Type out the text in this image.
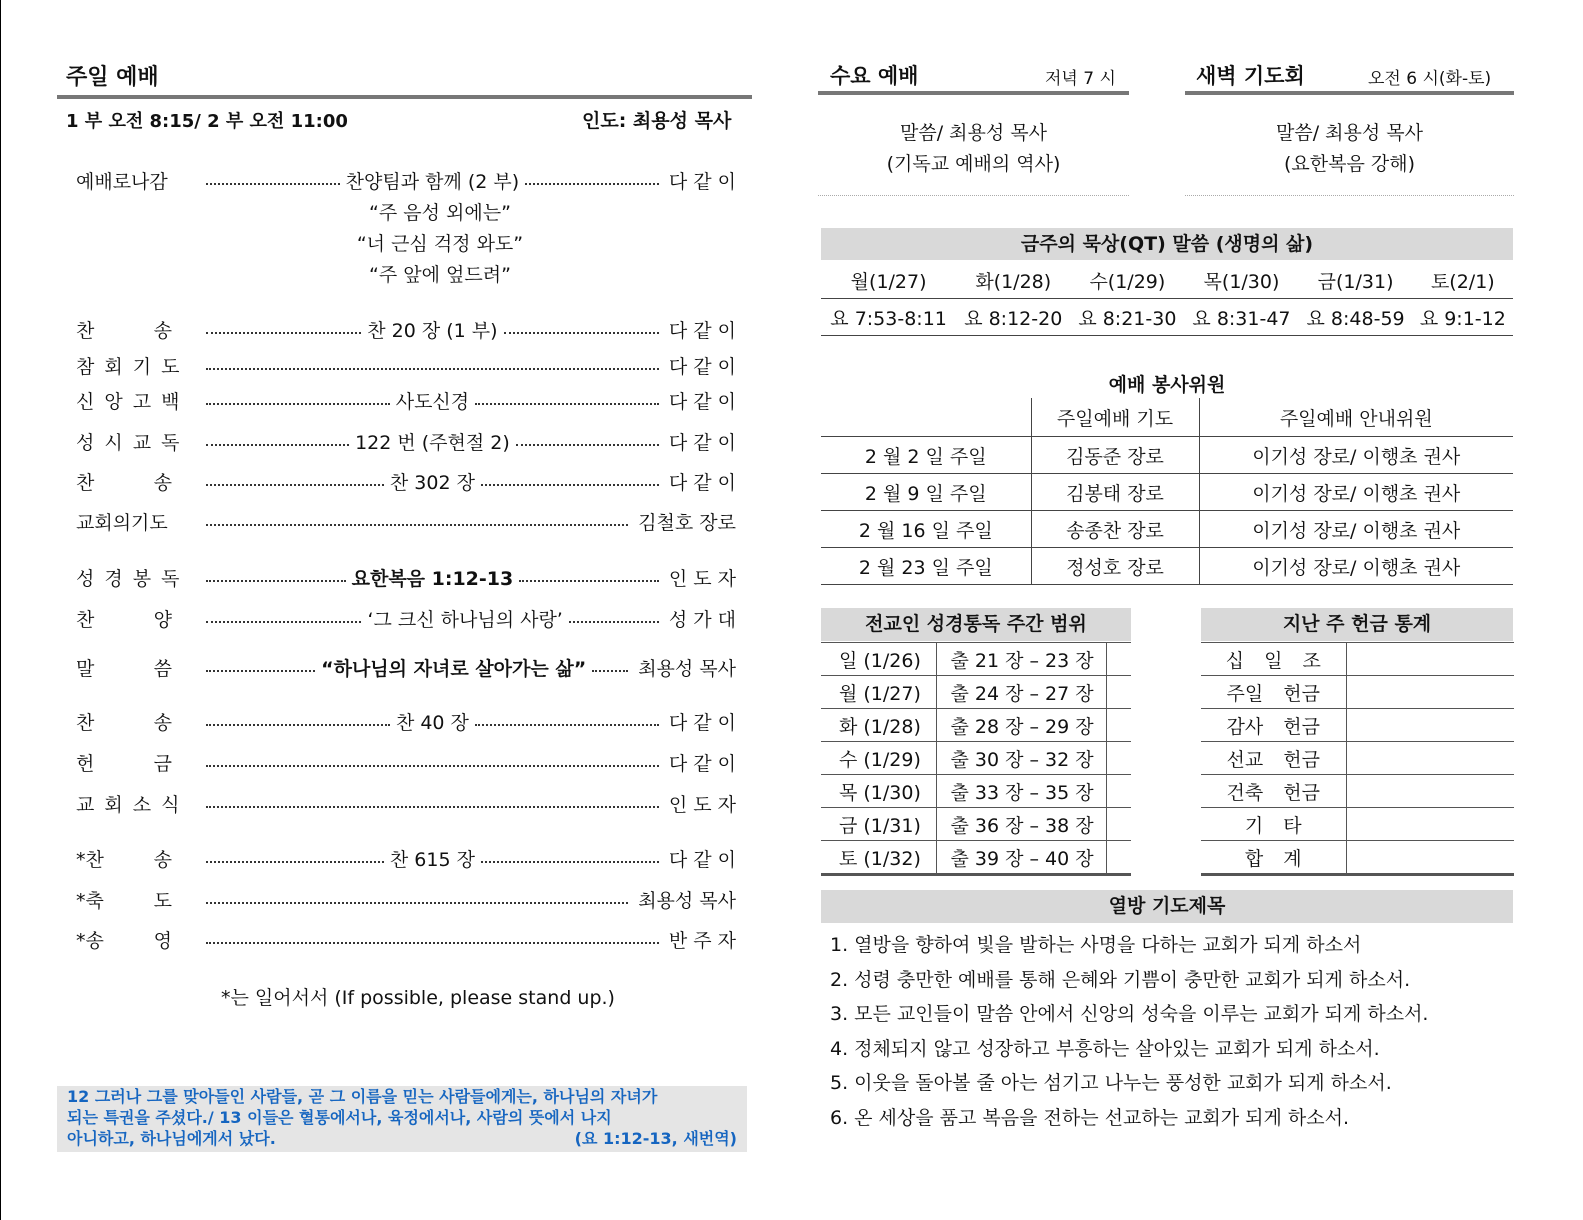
주일 예배
1 부 오전 8:15/ 2 부 오전 11:00	인도: 최용성 목사
예배로나감	찬양팀과 함께 (2 부)	다 같 이
찬	송	찬 20 장 (1 부)	다 같 이
참 회 기 도	다 같 이
신 앙 고 백	사도신경	다 같 이
성 시 교 독	122 번 (주현절 2)	다 같 이
찬	송	찬 302 장	다 같 이
교회의기도	김철호 장로
성 경 봉 독	요한복음 1:12-13	인 도 자
찬	양	‘그 크신 하나님의 사랑’	성 가 대
말	씀	“하나님의 자녀로 살아가는 삶”	최용성 목사
찬	송	찬 40 장	다 같 이
헌	금	다 같 이
교 회 소 식	인 도 자
*찬	송	찬 615 장	다 같 이
*축	도	최용성 목사
*송	영	반 주 자
“주 음성 외에는”
“너 근심 걱정 와도”
“주 앞에 엎드려”
*는 일어서서 (If possible, please stand up.)
12 그러나 그를 맞아들인 사람들, 곧 그 이름을 믿는 사람들에게는, 하나님의 자녀가
되는 특권을 주셨다./ 13 이들은 혈통에서나, 육정에서나, 사람의 뜻에서 나지
아니하고, 하나님에게서 났다.	(요 1:12-13, 새번역)
수요 예배	저녁 7 시
말씀/ 최용성 목사
(기독교 예배의 역사)
새벽 기도회	오전 6 시(화-토)
말씀/ 최용성 목사
(요한복음 강해)
금주의 묵상(QT) 말씀 (생명의 삶)
월(1/27)	화(1/28)	수(1/29)	목(1/30)	금(1/31)	토(2/1)
요 7:53-8:11	요 8:12-20	요 8:21-30	요 8:31-47	요 8:48-59	요 9:1-12
예배 봉사위원
	주일예배 기도	주일예배 안내위원
2 월 2 일 주일	김동준 장로	이기성 장로/ 이행초 권사
2 월 9 일 주일	김봉태 장로	이기성 장로/ 이행초 권사
2 월 16 일 주일	송종찬 장로	이기성 장로/ 이행초 권사
2 월 23 일 주일	정성호 장로	이기성 장로/ 이행초 권사
전교인 성경통독 주간 범위
일 (1/26)	출 21 장 – 23 장	
월 (1/27)	출 24 장 – 27 장	
화 (1/28)	출 28 장 – 29 장	
수 (1/29)	출 30 장 – 32 장	
목 (1/30)	출 33 장 – 35 장	
금 (1/31)	출 36 장 – 38 장	
토 (1/32)	출 39 장 – 40 장	
지난 주 헌금 통계
십 일 조	
주일 헌금	
감사 헌금	
선교 헌금	
건축 헌금	
기 타	
합 계	
열방 기도제목
1. 열방을 향하여 빛을 발하는 사명을 다하는 교회가 되게 하소서
2. 성령 충만한 예배를 통해 은혜와 기쁨이 충만한 교회가 되게 하소서.
3. 모든 교인들이 말씀 안에서 신앙의 성숙을 이루는 교회가 되게 하소서.
4. 정체되지 않고 성장하고 부흥하는 살아있는 교회가 되게 하소서.
5. 이웃을 돌아볼 줄 아는 섬기고 나누는 풍성한 교회가 되게 하소서.
6. 온 세상을 품고 복음을 전하는 선교하는 교회가 되게 하소서.
